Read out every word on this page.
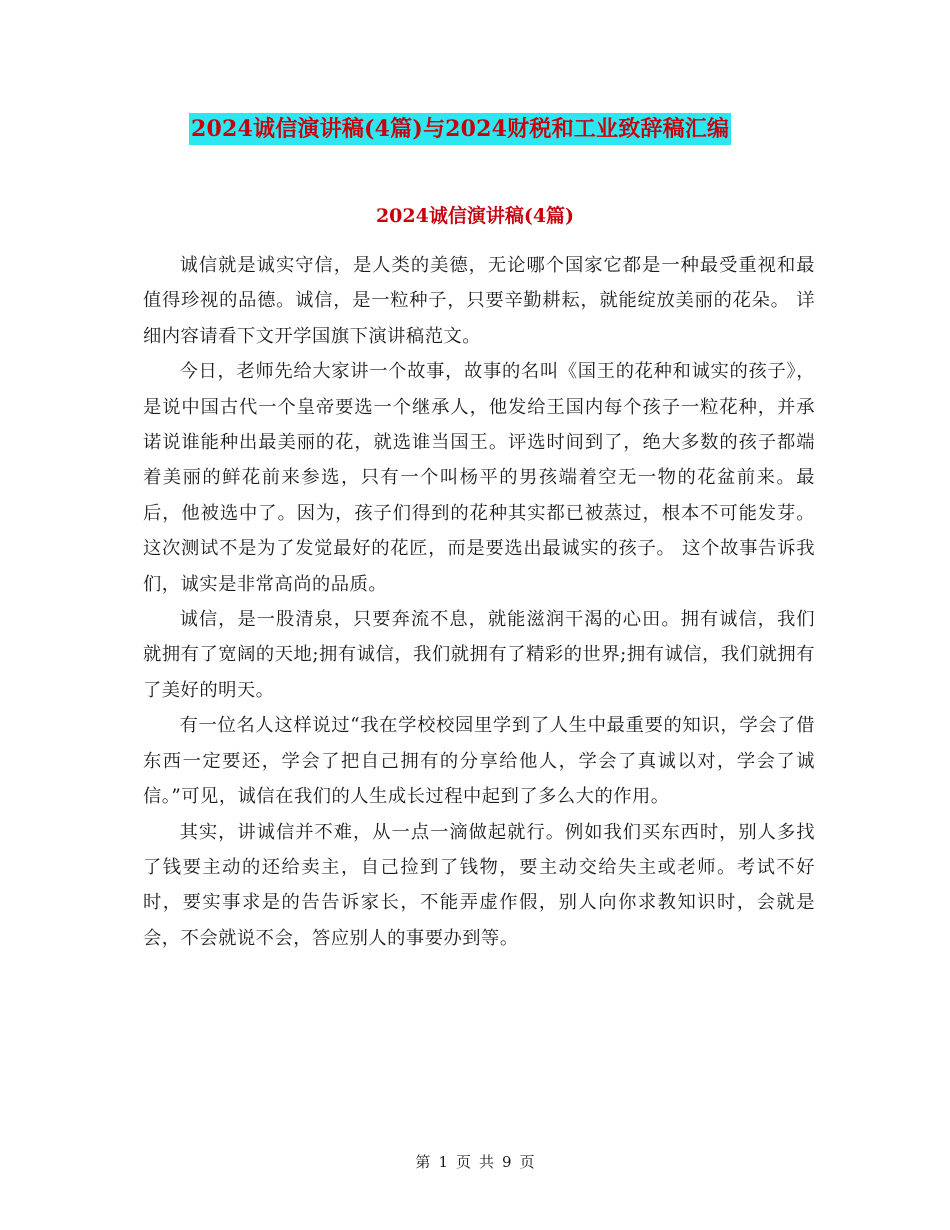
2024诚信演讲稿(4篇)与2024财税和工业致辞稿汇编
2024诚信演讲稿(4篇)

诚信就是诚实守信，是人类的美德，无论哪个国家它都是一种最受重视和最值得珍视的品德。诚信，是一粒种子，只要辛勤耕耘，就能绽放美丽的花朵。 详细内容请看下文开学国旗下演讲稿范文。

今日，老师先给大家讲一个故事，故事的名叫《国王的花种和诚实的孩子》，是说中国古代一个皇帝要选一个继承人，他发给王国内每个孩子一粒花种，并承诺说谁能种出最美丽的花，就选谁当国王。评选时间到了，绝大多数的孩子都端着美丽的鲜花前来参选，只有一个叫杨平的男孩端着空无一物的花盆前来。最后，他被选中了。因为，孩子们得到的花种其实都已被蒸过，根本不可能发芽。这次测试不是为了发觉最好的花匠，而是要选出最诚实的孩子。 这个故事告诉我们，诚实是非常高尚的品质。

诚信，是一股清泉，只要奔流不息，就能滋润干渴的心田。拥有诚信，我们就拥有了宽阔的天地;拥有诚信，我们就拥有了精彩的世界;拥有诚信，我们就拥有了美好的明天。

有一位名人这样说过“我在学校校园里学到了人生中最重要的知识，学会了借东西一定要还，学会了把自己拥有的分享给他人，学会了真诚以对，学会了诚信。”可见，诚信在我们的人生成长过程中起到了多么大的作用。

其实，讲诚信并不难，从一点一滴做起就行。例如我们买东西时，别人多找了钱要主动的还给卖主，自己捡到了钱物，要主动交给失主或老师。考试不好时，要实事求是的告告诉家长，不能弄虚作假，别人向你求教知识时，会就是会，不会就说不会，答应别人的事要办到等。

第 1 页 共 9 页
